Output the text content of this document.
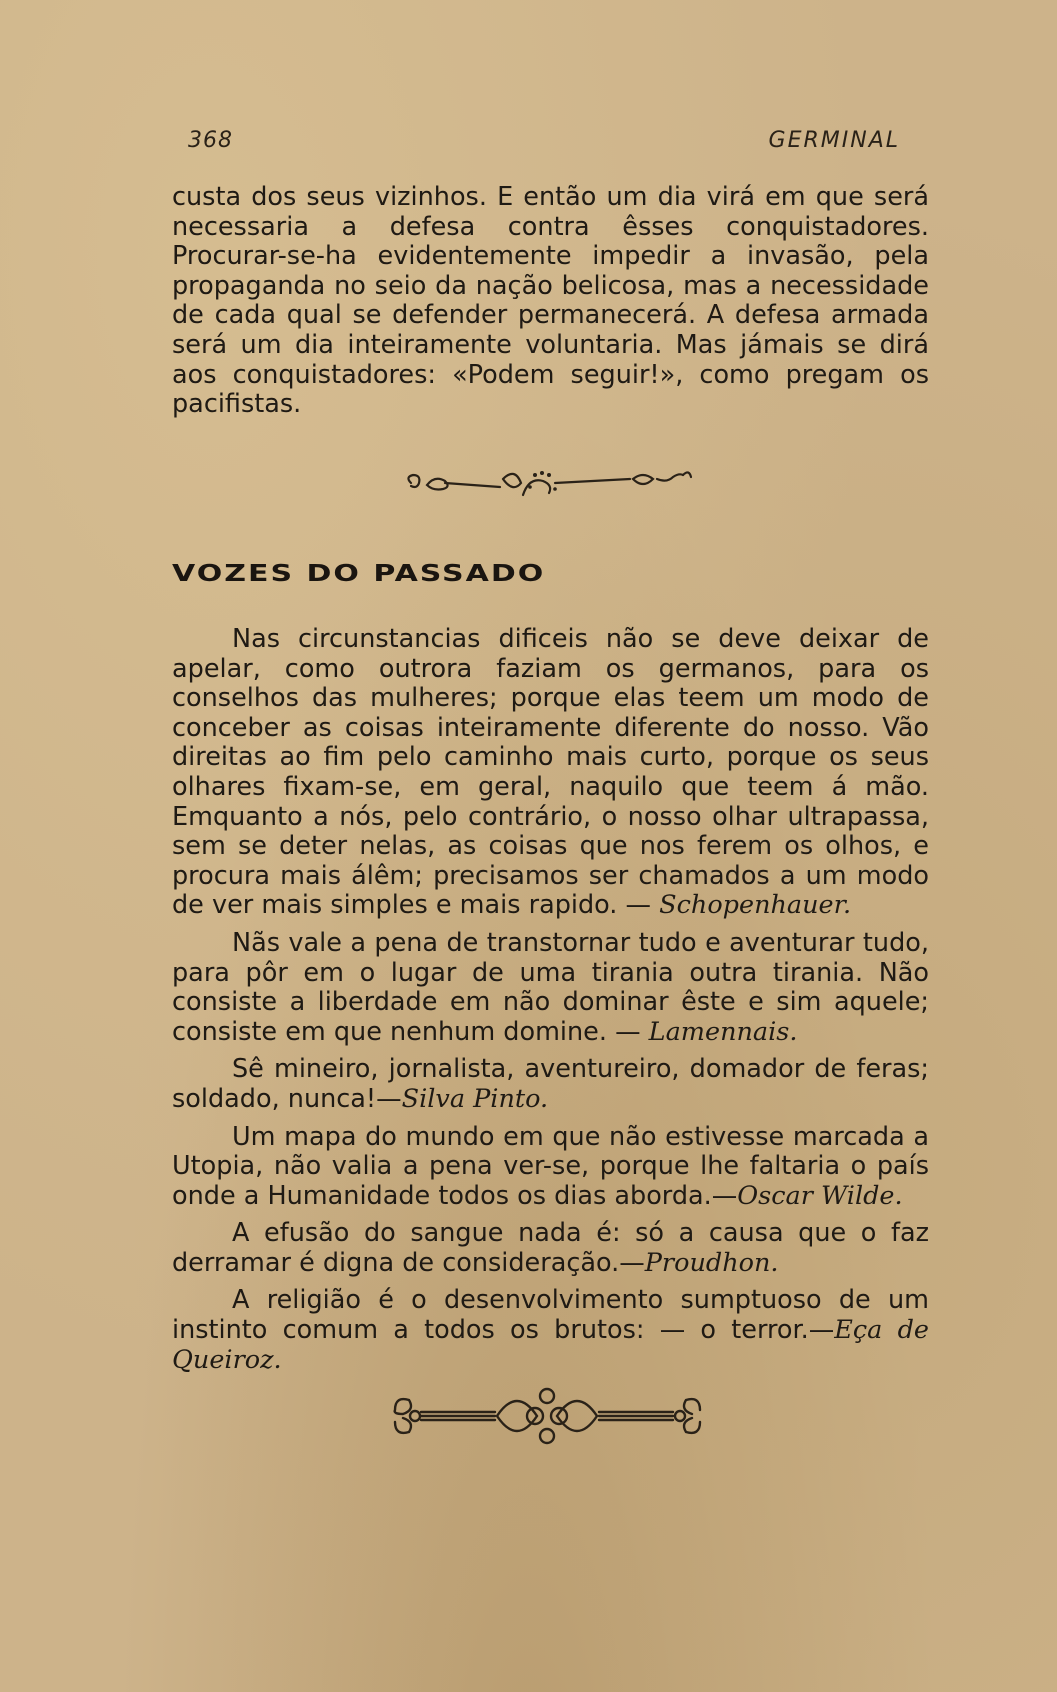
368	GERMINAL

custa dos seus vizinhos. E então um dia virá em que será necessaria a defesa contra êsses conquistadores. Procurar-se-ha evidentemente impedir a invasão, pela propaganda no seio da nação belicosa, mas a necessidade de cada qual se defender permanecerá. A defesa armada será um dia inteiramente voluntaria. Mas jámais se dirá aos conquistadores: «Podem seguir!», como pregam os pacifistas.

VOZES DO PASSADO

Nas circunstancias dificeis não se deve deixar de apelar, como outrora faziam os germanos, para os conselhos das mulheres; porque elas teem um modo de conceber as coisas inteiramente diferente do nosso. Vão direitas ao fim pelo caminho mais curto, porque os seus olhares fixam-se, em geral, naquilo que teem á mão. Emquanto a nós, pelo contrário, o nosso olhar ultrapassa, sem se deter nelas, as coisas que nos ferem os olhos, e procura mais álêm; precisamos ser chamados a um modo de ver mais simples e mais rapido. — Schopenhauer.

Nãs vale a pena de transtornar tudo e aventurar tudo, para pôr em o lugar de uma tirania outra tirania. Não consiste a liberdade em não dominar êste e sim aquele; consiste em que nenhum domine. — Lamennais.

Sê mineiro, jornalista, aventureiro, domador de feras; soldado, nunca!—Silva Pinto.

Um mapa do mundo em que não estivesse marcada a Utopia, não valia a pena ver-se, porque lhe faltaria o país onde a Humanidade todos os dias aborda.—Oscar Wilde.

A efusão do sangue nada é: só a causa que o faz derramar é digna de consideração.—Proudhon.

A religião é o desenvolvimento sumptuoso de um instinto comum a todos os brutos: — o terror.—Eça de Queiroz.
